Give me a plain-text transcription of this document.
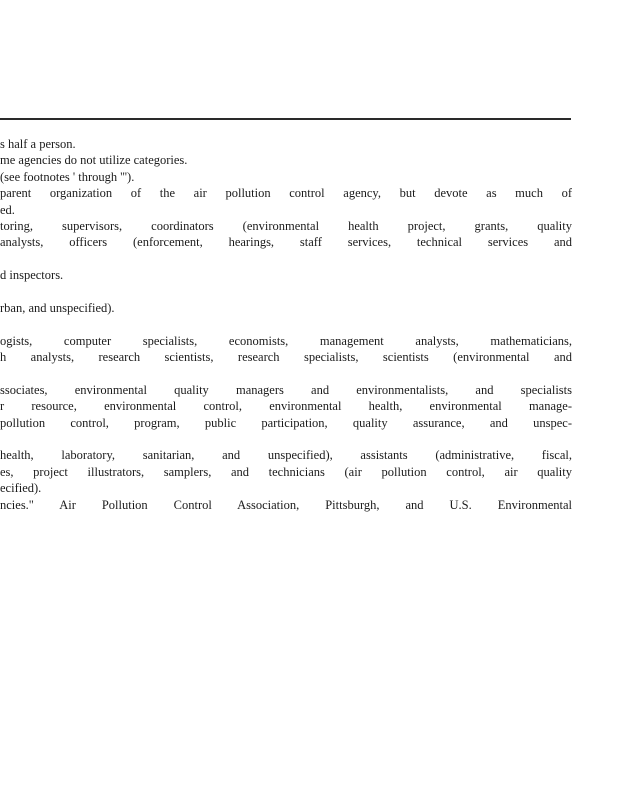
s half a person.
me agencies do not utilize categories.
(see footnotes ' through ''').
parent organization of the air pollution control agency, but devote as much of
ed.
toring, supervisors, coordinators (environmental health project, grants, quality
analysts, officers (enforcement, hearings, staff services, technical services and
d inspectors.
rban, and unspecified).
ogists, computer specialists, economists, management analysts, mathematicians,
h analysts, research scientists, research specialists, scientists (environmental and
ssociates, environmental quality managers and environmentalists, and specialists
r resource, environmental control, environmental health, environmental manage-
pollution control, program, public participation, quality assurance, and unspec-
health, laboratory, sanitarian, and unspecified), assistants (administrative, fiscal,
es, project illustrators, samplers, and technicians (air pollution control, air quality
ecified).
ncies." Air Pollution Control Association, Pittsburgh, and U.S. Environmental
